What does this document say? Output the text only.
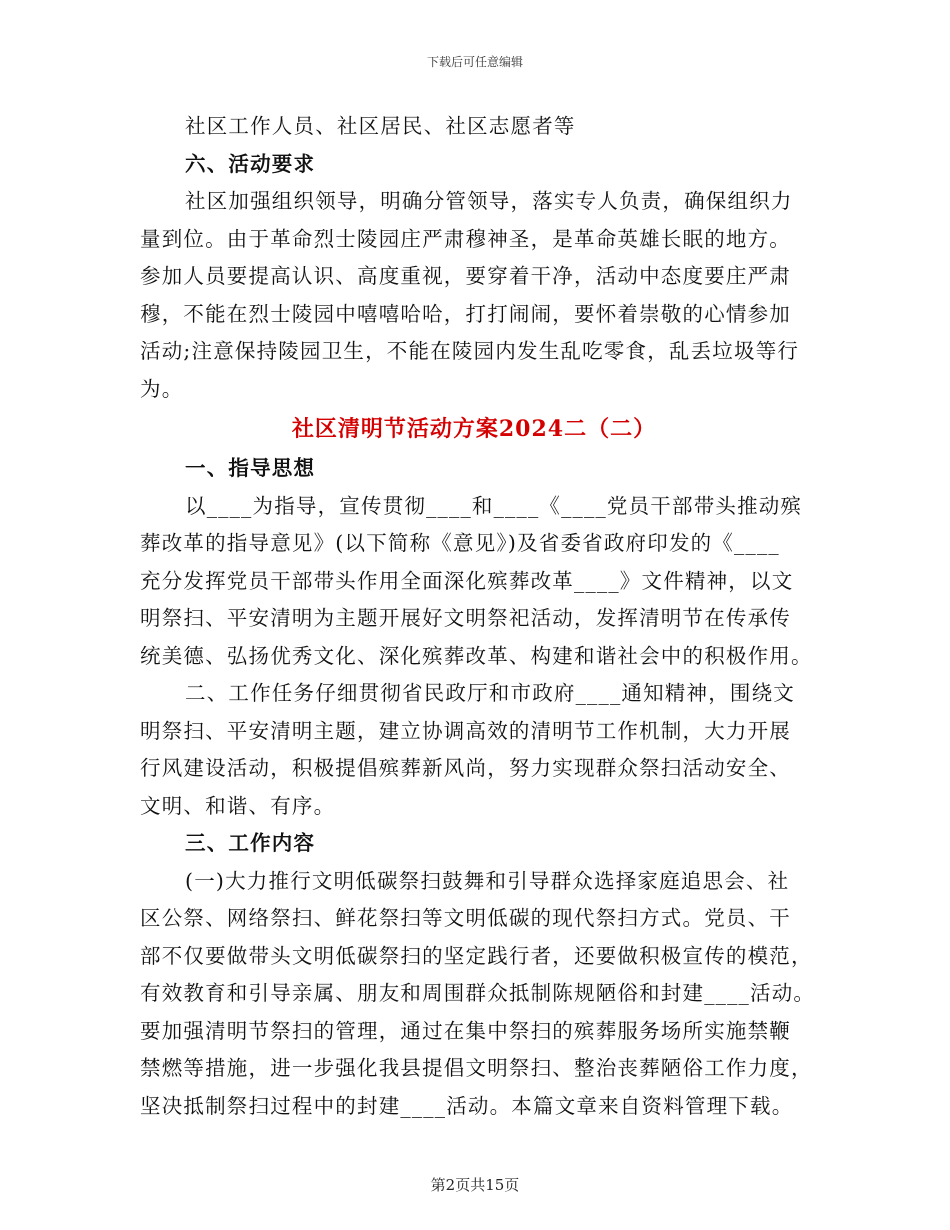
下载后可任意编辑
社区工作人员、社区居民、社区志愿者等
六、活动要求
社区加强组织领导，明确分管领导，落实专人负责，确保组织力
量到位。由于革命烈士陵园庄严肃穆神圣，是革命英雄长眠的地方。
参加人员要提高认识、高度重视，要穿着干净，活动中态度要庄严肃
穆，不能在烈士陵园中嘻嘻哈哈，打打闹闹，要怀着崇敬的心情参加
活动;注意保持陵园卫生，不能在陵园内发生乱吃零食，乱丢垃圾等行
为。
社区清明节活动方案2024二（二）
一、指导思想
以____为指导，宣传贯彻____和____《____党员干部带头推动殡
葬改革的指导意见》(以下简称《意见》)及省委省政府印发的《____
充分发挥党员干部带头作用全面深化殡葬改革____》文件精神，以文
明祭扫、平安清明为主题开展好文明祭祀活动，发挥清明节在传承传
统美德、弘扬优秀文化、深化殡葬改革、构建和谐社会中的积极作用。
二、工作任务仔细贯彻省民政厅和市政府____通知精神，围绕文
明祭扫、平安清明主题，建立协调高效的清明节工作机制，大力开展
行风建设活动，积极提倡殡葬新风尚，努力实现群众祭扫活动安全、
文明、和谐、有序。
三、工作内容
(一)大力推行文明低碳祭扫鼓舞和引导群众选择家庭追思会、社
区公祭、网络祭扫、鲜花祭扫等文明低碳的现代祭扫方式。党员、干
部不仅要做带头文明低碳祭扫的坚定践行者，还要做积极宣传的模范，
有效教育和引导亲属、朋友和周围群众抵制陈规陋俗和封建____活动。
要加强清明节祭扫的管理，通过在集中祭扫的殡葬服务场所实施禁鞭
禁燃等措施，进一步强化我县提倡文明祭扫、整治丧葬陋俗工作力度，
坚决抵制祭扫过程中的封建____活动。本篇文章来自资料管理下载。
第2页共15页
